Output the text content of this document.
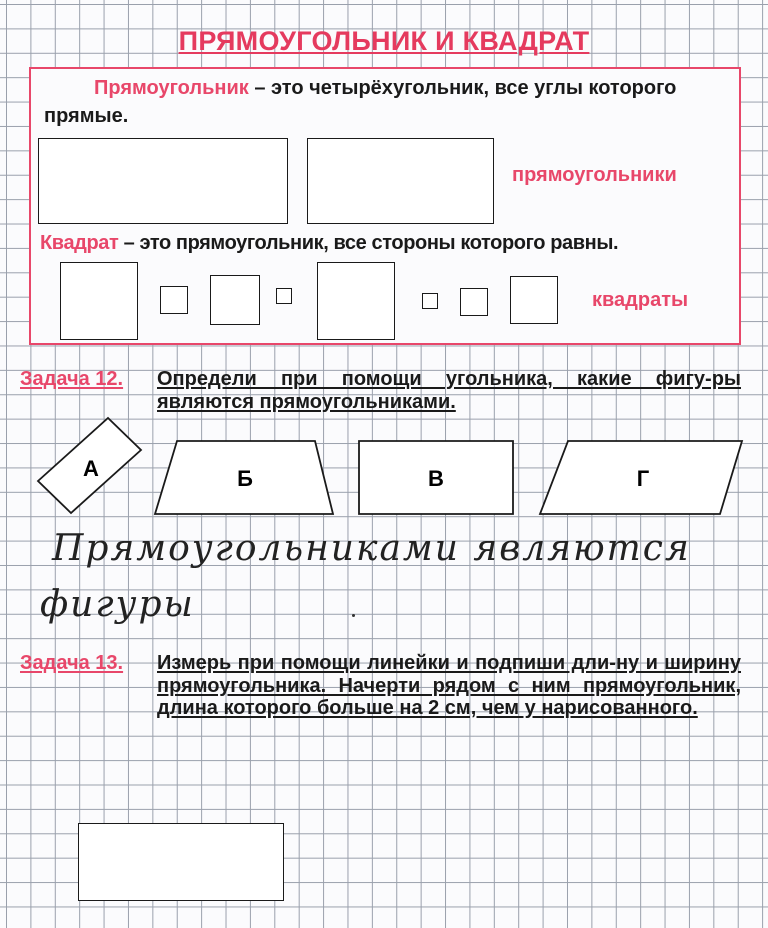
ПРЯМОУГОЛЬНИК И КВАДРАТ
Прямоугольник – это четырёхугольник, все углы которого прямые.
прямоугольники
Квадрат – это прямоугольник, все стороны которого равны.
квадраты
Задача 12. Определи при помощи угольника, какие фигу-ры являются прямоугольниками.
А	Б	В	Г
Прямоугольниками являются
фигуры
Задача 13. Измерь при помощи линейки и подпиши дли-ну и ширину прямоугольника. Начерти рядом с ним прямоугольник, длина которого больше на 2 см, чем у нарисованного.
